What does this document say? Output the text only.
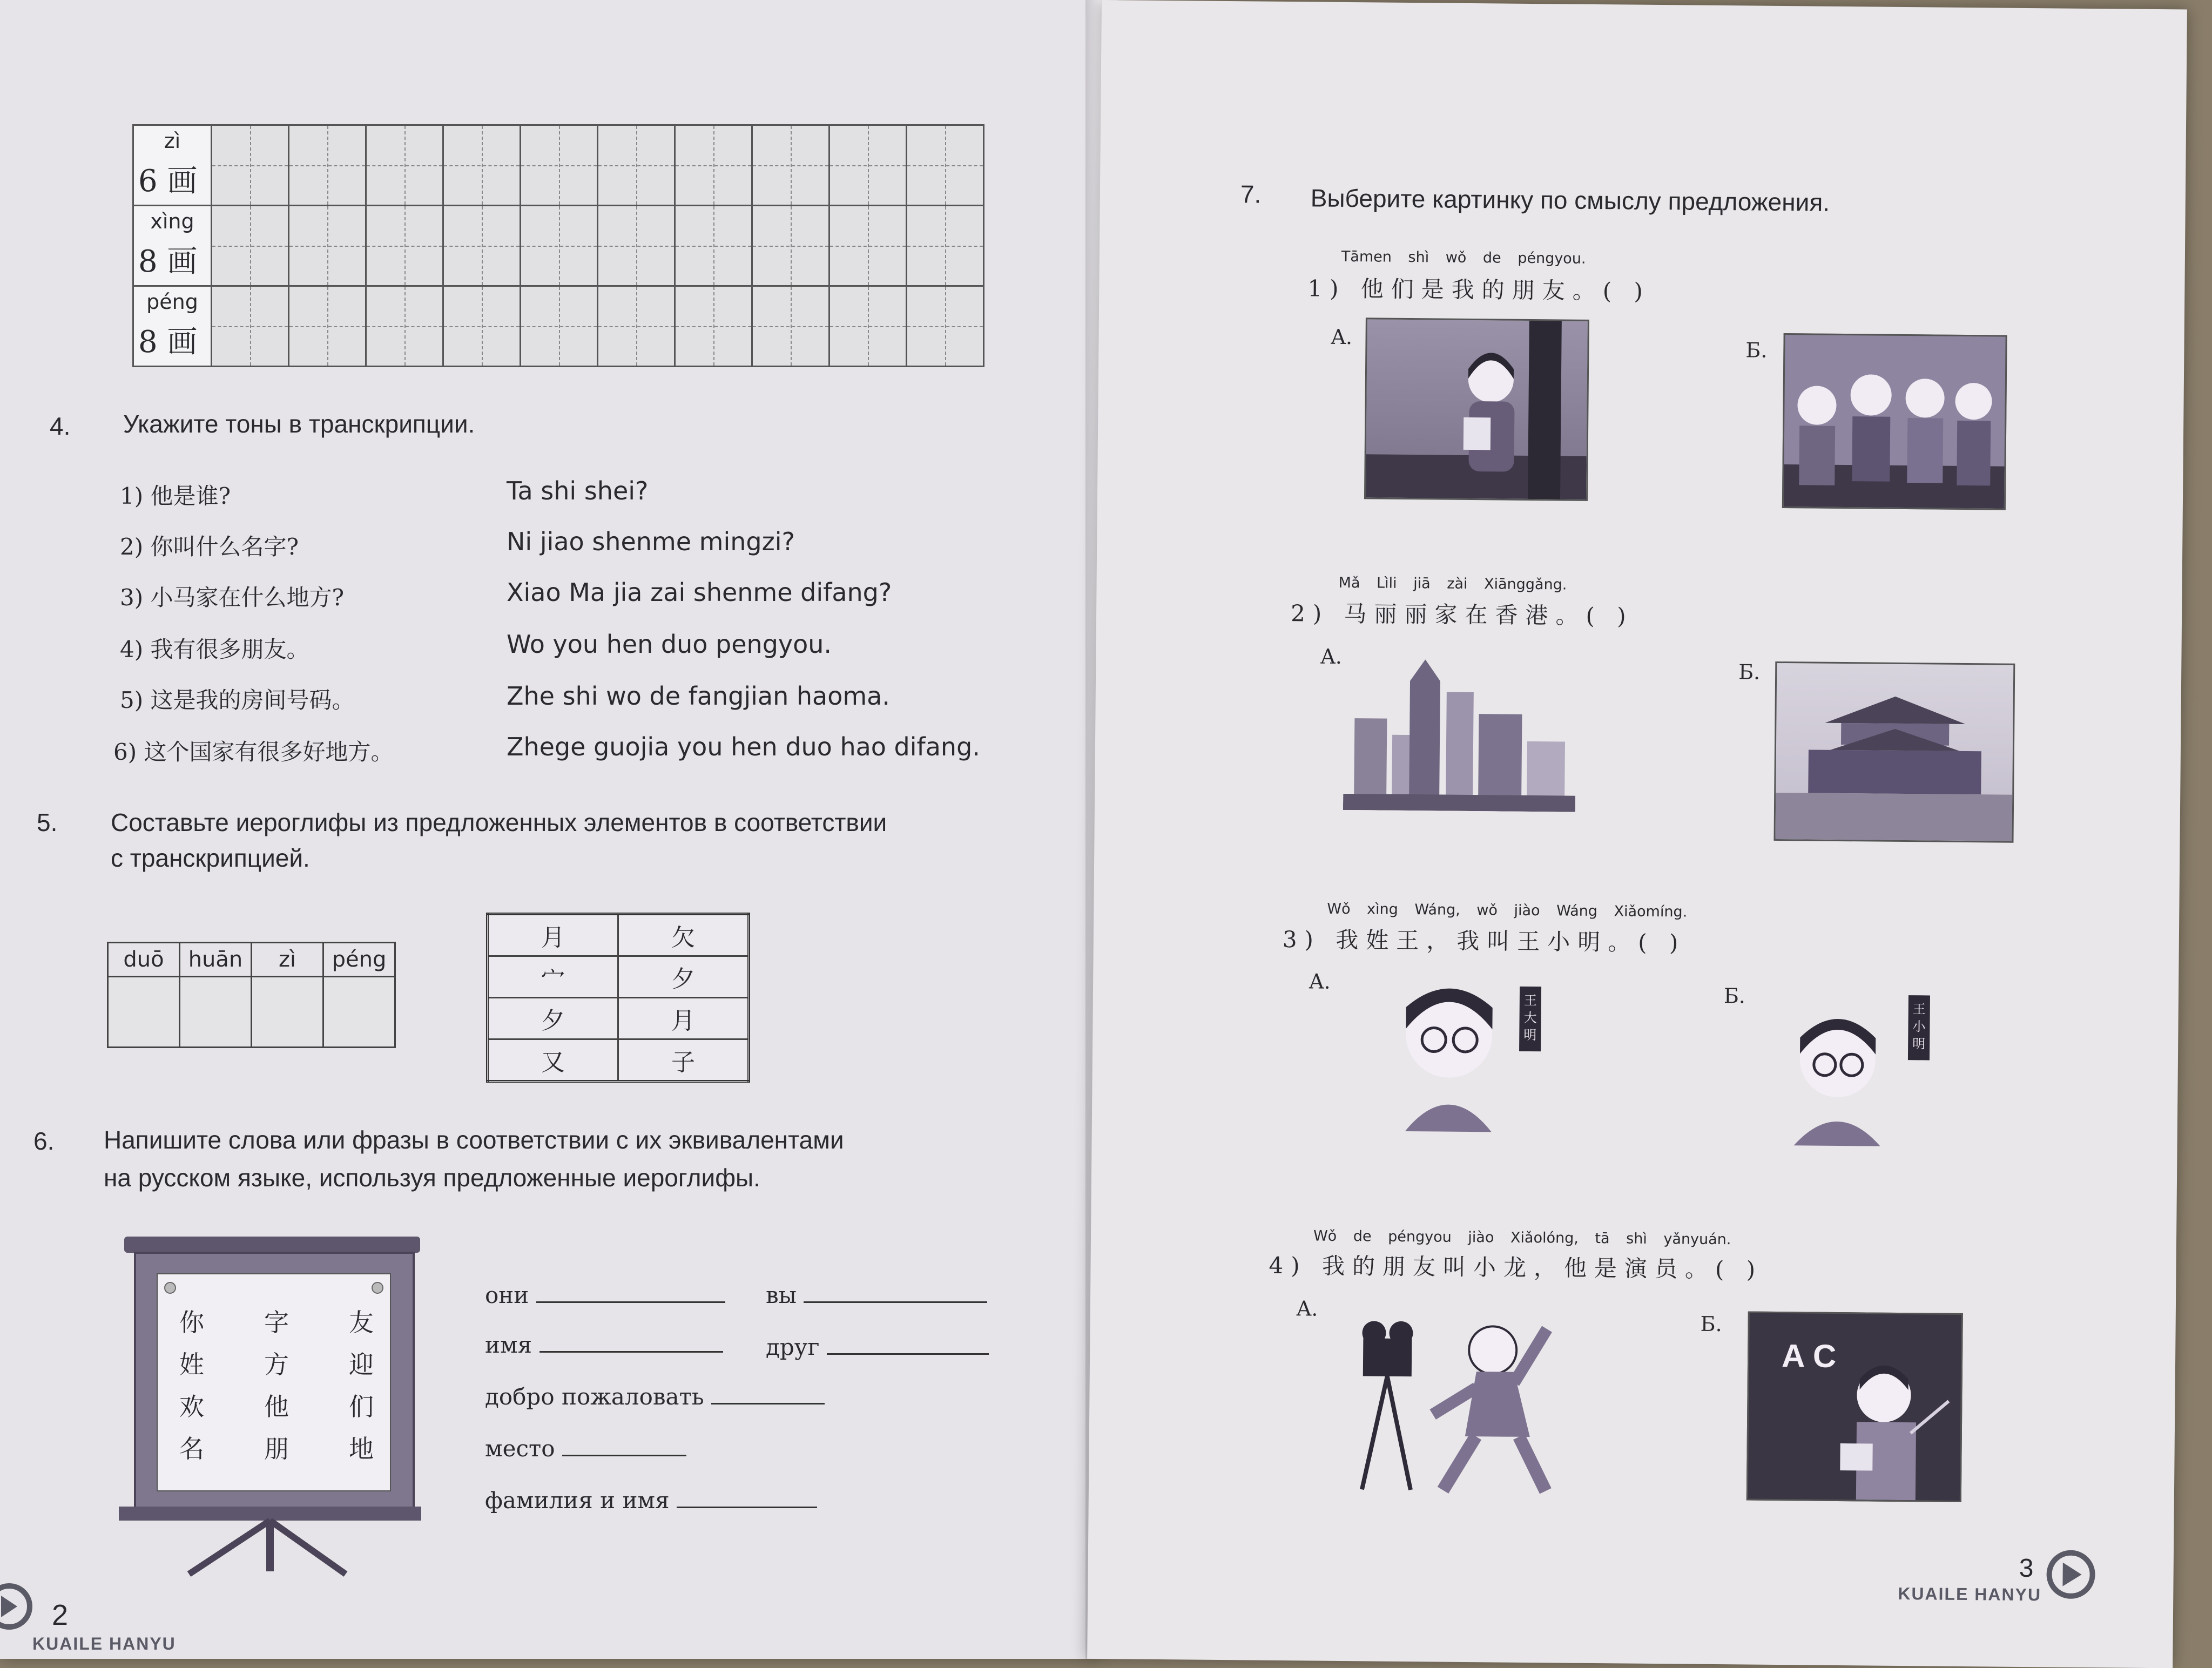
zì
6 画										

xìng
8 画										

péng
8 画										

4. Укажите тоны в транскрипции.
1) 他是谁?	Ta shi shei?
2) 你叫什么名字?	Ni jiao shenme mingzi?
3) 小马家在什么地方?	Xiao Ma jia zai shenme difang?
4) 我有很多朋友。	Wo you hen duo pengyou.
5) 这是我的房间号码。	Zhe shi wo de fangjian haoma.
6) 这个国家有很多好地方。	Zhege guojia you hen duo hao difang.
5. Составьте иероглифы из предложенных элементов в соответствии
с транскрипцией.
duō	huān	zì	péng

月	欠
宀	夕
夕	月
又	子
6. Напишите слова или фразы в соответствии с их эквивалентами
на русском языке, используя предложенные иероглифы.
你 字 友
姓 方 迎
欢 他 们
名 朋 地
они	вы
имя	друг
добро пожаловать
место
фамилия и имя
2
KUAILE HANYU
7. Выберите картинку по смыслу предложения.
Tāmen shì wǒ de péngyou.
1) 他们是我的朋友。( )
A.
Б.
Mǎ Lìli jiā zài Xiānggǎng.
2) 马丽丽家在香港。( )
A.
Б.
Wǒ xìng Wáng, wǒ jiào Wáng Xiǎomíng.
3) 我姓王，我叫王小明。( )
A.
王大明
Б.
王小明
Wǒ de péngyou jiào Xiǎolóng, tā shì yǎnyuán.
4) 我的朋友叫小龙，他是演员。( )
A.
Б.
A C
3
KUAILE HANYU
